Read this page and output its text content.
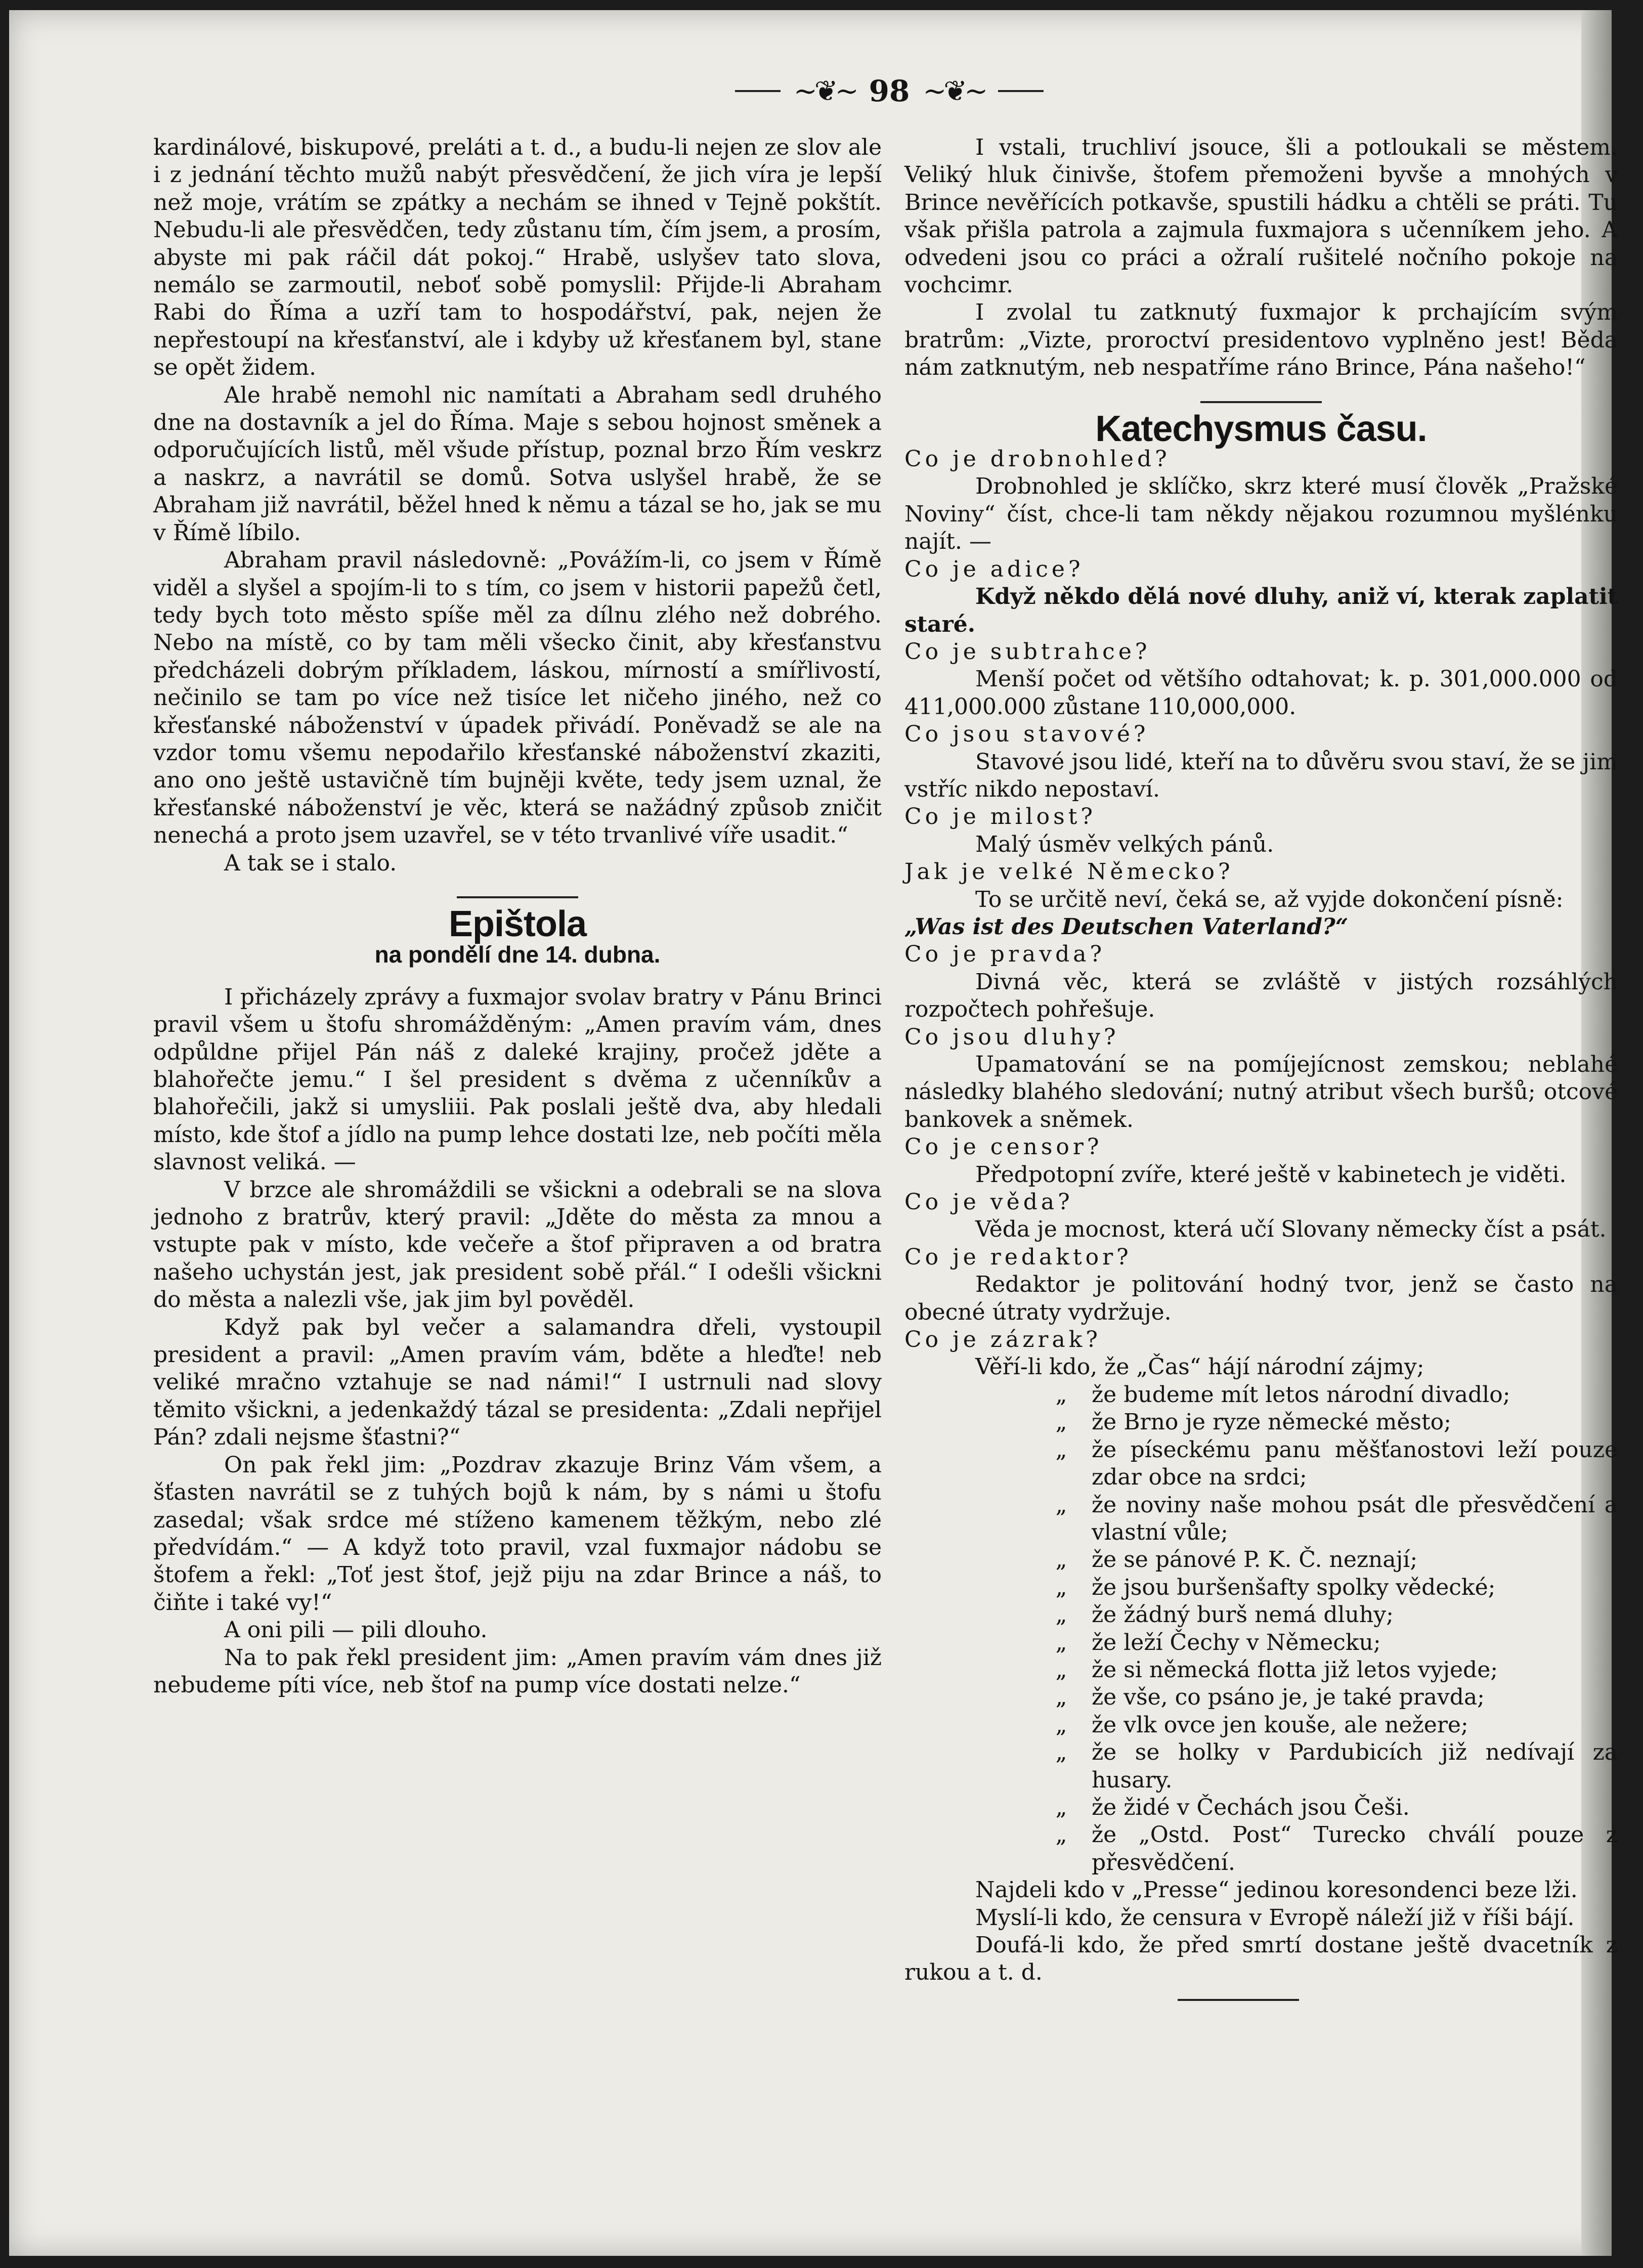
~❦~ 98 ~❦~

kardinálové, biskupové, preláti a t. d., a budu-li nejen ze slov ale i z jednání těchto mužů nabýt přesvědčení, že jich víra je lepší než moje, vrátím se zpátky a nechám se ihned v Tejně pokštít. Nebudu-li ale přesvědčen, tedy zůstanu tím, čím jsem, a prosím, abyste mi pak ráčil dát pokoj.“ Hrabě, uslyšev tato slova, nemálo se zarmoutil, neboť sobě pomyslil: Přijde-li Abraham Rabi do Říma a uzří tam to hospodářství, pak, nejen že nepřestoupí na křesťanství, ale i kdyby už křesťanem byl, stane se opět židem.

Ale hrabě nemohl nic namítati a Abraham sedl druhého dne na dostavník a jel do Říma. Maje s sebou hojnost směnek a odporučujících listů, měl všude přístup, poznal brzo Řím veskrz a naskrz, a navrátil se domů. Sotva uslyšel hrabě, že se Abraham již navrátil, běžel hned k němu a tázal se ho, jak se mu v Římě líbilo.

Abraham pravil následovně: „Povážím-li, co jsem v Římě viděl a slyšel a spojím-li to s tím, co jsem v historii papežů četl, tedy bych toto město spíše měl za dílnu zlého než dobrého. Nebo na místě, co by tam měli všecko činit, aby křesťanstvu předcházeli dobrým příkladem, láskou, mírností a smířlivostí, nečinilo se tam po více než tisíce let ničeho jiného, než co křesťanské náboženství v úpadek přivádí. Poněvadž se ale na vzdor tomu všemu nepodařilo křesťanské náboženství zkaziti, ano ono ještě ustavičně tím bujněji květe, tedy jsem uznal, že křesťanské náboženství je věc, která se nažádný způsob zničit nenechá a proto jsem uzavřel, se v této trvanlivé víře usadit.“

A tak se i stalo.

Epištola
na pondělí dne 14. dubna.

I přicházely zprávy a fuxmajor svolav bratry v Pánu Brinci pravil všem u štofu shromážděným: „Amen pravím vám, dnes odpůldne přijel Pán náš z daleké krajiny, pročež jděte a blahořečte jemu.“ I šel president s dvěma z učenníkův a blahořečili, jakž si umysliii. Pak poslali ještě dva, aby hledali místo, kde štof a jídlo na pump lehce dostati lze, neb počíti měla slavnost veliká. —

V brzce ale shromáždili se všickni a odebrali se na slova jednoho z bratrův, který pravil: „Jděte do města za mnou a vstupte pak v místo, kde večeře a štof připraven a od bratra našeho uchystán jest, jak president sobě přál.“ I odešli všickni do města a nalezli vše, jak jim byl pověděl.

Když pak byl večer a salamandra dřeli, vystoupil president a pravil: „Amen pravím vám, bděte a hleďte! neb veliké mračno vztahuje se nad námi!“ I ustrnuli nad slovy těmito všickni, a jedenkaždý tázal se presidenta: „Zdali nepřijel Pán? zdali nejsme šťastni?“

On pak řekl jim: „Pozdrav zkazuje Brinz Vám všem, a šťasten navrátil se z tuhých bojů k nám, by s námi u štofu zasedal; však srdce mé stíženo kamenem těžkým, nebo zlé předvídám.“ — A když toto pravil, vzal fuxmajor nádobu se štofem a řekl: „Toť jest štof, jejž piju na zdar Brince a náš, to čiňte i také vy!“

A oni pili — pili dlouho.

Na to pak řekl president jim: „Amen pravím vám dnes již nebudeme píti více, neb štof na pump více dostati nelze.“

I vstali, truchliví jsouce, šli a potloukali se městem. Veliký hluk činivše, štofem přemoženi byvše a mnohých v Brince nevěřících potkavše, spustili hádku a chtěli se práti. Tu však přišla patrola a zajmula fuxmajora s učenníkem jeho. A odvedeni jsou co práci a ožralí rušitelé nočního pokoje na vochcimr.

I zvolal tu zatknutý fuxmajor k prchajícím svým bratrům: „Vizte, proroctví presidentovo vyplněno jest! Běda nám zatknutým, neb nespatříme ráno Brince, Pána našeho!“

Katechysmus času.

Co je drobnohled?

Drobnohled je sklíčko, skrz které musí člověk „Pražské Noviny“ číst, chce-li tam někdy nějakou rozumnou myšlénku najít. —

Co je adice?

Když někdo dělá nové dluhy, aniž ví, kterak zaplatit staré.

Co je subtrahce?

Menší počet od většího odtahovat; k. p. 301,000.000 od 411,000.000 zůstane 110,000,000.

Co jsou stavové?

Stavové jsou lidé, kteří na to důvěru svou staví, že se jim vstříc nikdo nepostaví.

Co je milost?

Malý úsměv velkých pánů.

Jak je velké Německo?

To se určitě neví, čeká se, až vyjde dokončení písně:

„Was ist des Deutschen Vaterland?“

Co je pravda?

Divná věc, která se zvláště v jistých rozsáhlých rozpočtech pohřešuje.

Co jsou dluhy?

Upamatování se na pomíjejícnost zemskou; neblahé následky blahého sledování; nutný atribut všech buršů; otcové bankovek a sněmek.

Co je censor?

Předpotopní zvíře, které ještě v kabinetech je viděti.

Co je věda?

Věda je mocnost, která učí Slovany německy číst a psát.

Co je redaktor?

Redaktor je politování hodný tvor, jenž se často na obecné útraty vydržuje.

Co je zázrak?

Věří-li kdo, že „Čas“ hájí národní zájmy;

„	že budeme mít letos národní divadlo;
„	že Brno je ryze německé město;
„	že píseckému panu měšťanostovi leží pouze zdar obce na srdci;
„	že noviny naše mohou psát dle přesvědčení a vlastní vůle;
„	že se pánové P. K. Č. neznají;
„	že jsou buršenšafty spolky vědecké;
„	že žádný burš nemá dluhy;
„	že leží Čechy v Německu;
„	že si německá flotta již letos vyjede;
„	že vše, co psáno je, je také pravda;
„	že vlk ovce jen kouše, ale nežere;
„	že se holky v Pardubicích již nedívají za husary.
„	že židé v Čechách jsou Češi.
„	že „Ostd. Post“ Turecko chválí pouze z přesvědčení.

Najdeli kdo v „Presse“ jedinou koresondenci beze lži.

Myslí-li kdo, že censura v Evropě náleží již v říši bájí.

Doufá-li kdo, že před smrtí dostane ještě dvacetník z rukou a t. d.
